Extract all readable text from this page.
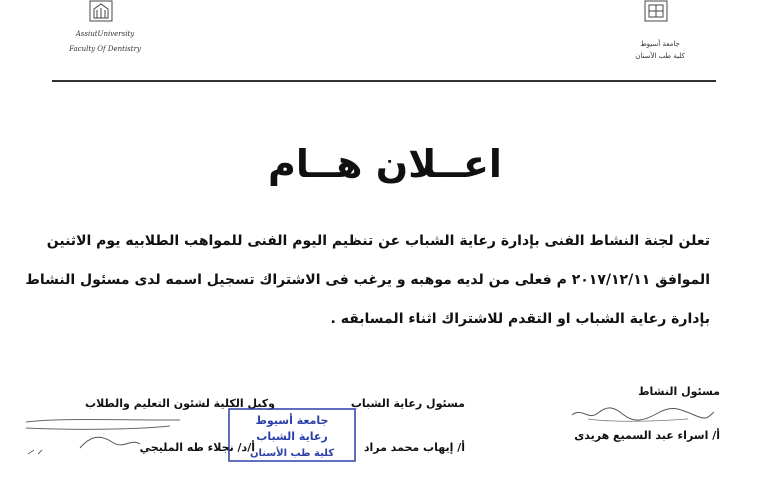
AssiutUniversity
Faculty Of Dentistry
جامعة أسيوط
كلية طب الأسنان
اعــلان هــام
تعلن لجنة النشاط الفنى بإدارة رعاية الشباب عن تنظيم اليوم الفنى للمواهب الطلابيه يوم الاثنين
الموافق ٢٠١٧/١٢/١١ م فعلى من لديه موهبه و يرغب فى الاشتراك تسجيل اسمه لدى مسئول النشاط
بإدارة رعاية الشباب او التقدم للاشتراك اثناء المسابقه .
مسئول النشاط
أ/ اسراء عبد السميع هريدى
مسئول رعاية الشباب
أ/ إيهاب محمد مراد
وكيل الكلية لشئون التعليم والطلاب
أ/د/ نجلاء طه المليجي
جامعة أسيوط
رعاية الشباب
كلية طب الأسنان
